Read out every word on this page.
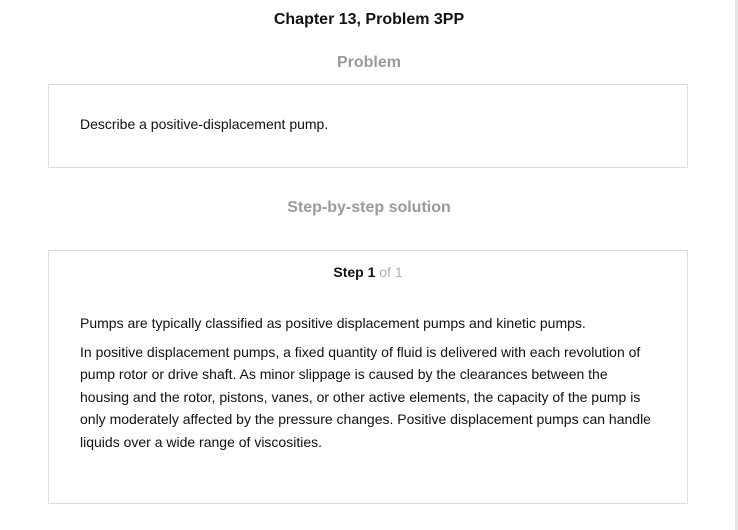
Chapter 13, Problem 3PP
Problem
Describe a positive-displacement pump.
Step-by-step solution
Step 1 of 1

Pumps are typically classified as positive displacement pumps and kinetic pumps.

In positive displacement pumps, a fixed quantity of fluid is delivered with each revolution of pump rotor or drive shaft. As minor slippage is caused by the clearances between the housing and the rotor, pistons, vanes, or other active elements, the capacity of the pump is only moderately affected by the pressure changes. Positive displacement pumps can handle liquids over a wide range of viscosities.
